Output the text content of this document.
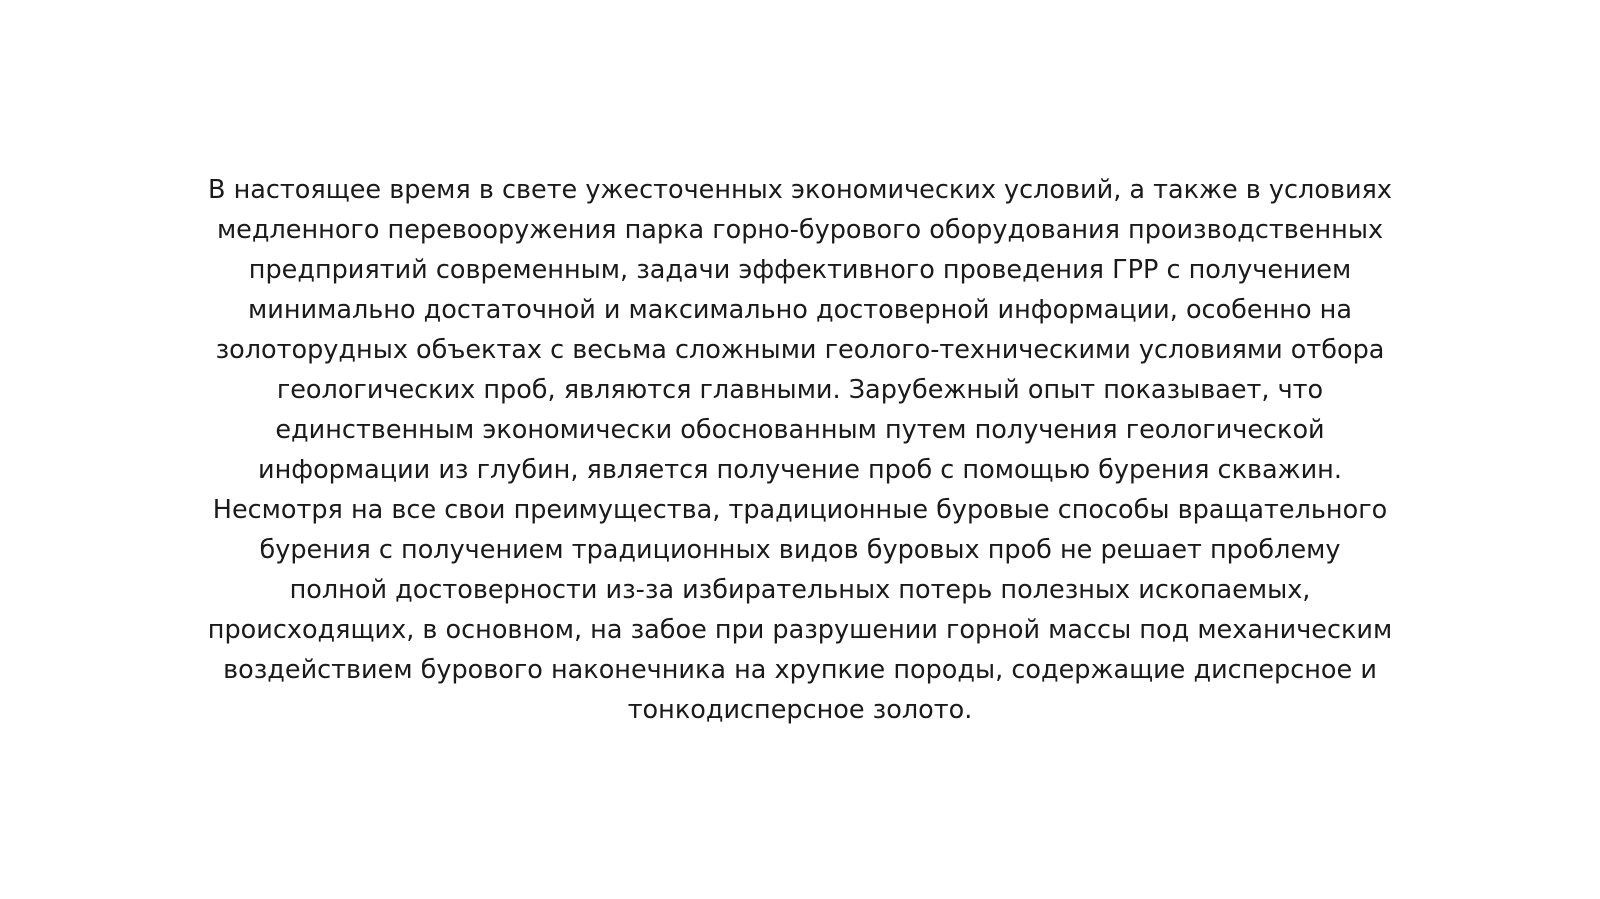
В настоящее время в свете ужесточенных экономических условий, а также в условиях
медленного перевооружения парка горно-бурового оборудования производственных
предприятий современным, задачи эффективного проведения ГРР с получением
минимально достаточной и максимально достоверной информации, особенно на
золоторудных объектах с весьма сложными геолого-техническими условиями отбора
геологических проб, являются главными. Зарубежный опыт показывает, что
единственным экономически обоснованным путем получения геологической
информации из глубин, является получение проб с помощью бурения скважин.
Несмотря на все свои преимущества, традиционные буровые способы вращательного
бурения с получением традиционных видов буровых проб не решает проблему
полной достоверности из-за избирательных потерь полезных ископаемых,
происходящих, в основном, на забое при разрушении горной массы под механическим
воздействием бурового наконечника на хрупкие породы, содержащие дисперсное и
тонкодисперсное золото.
